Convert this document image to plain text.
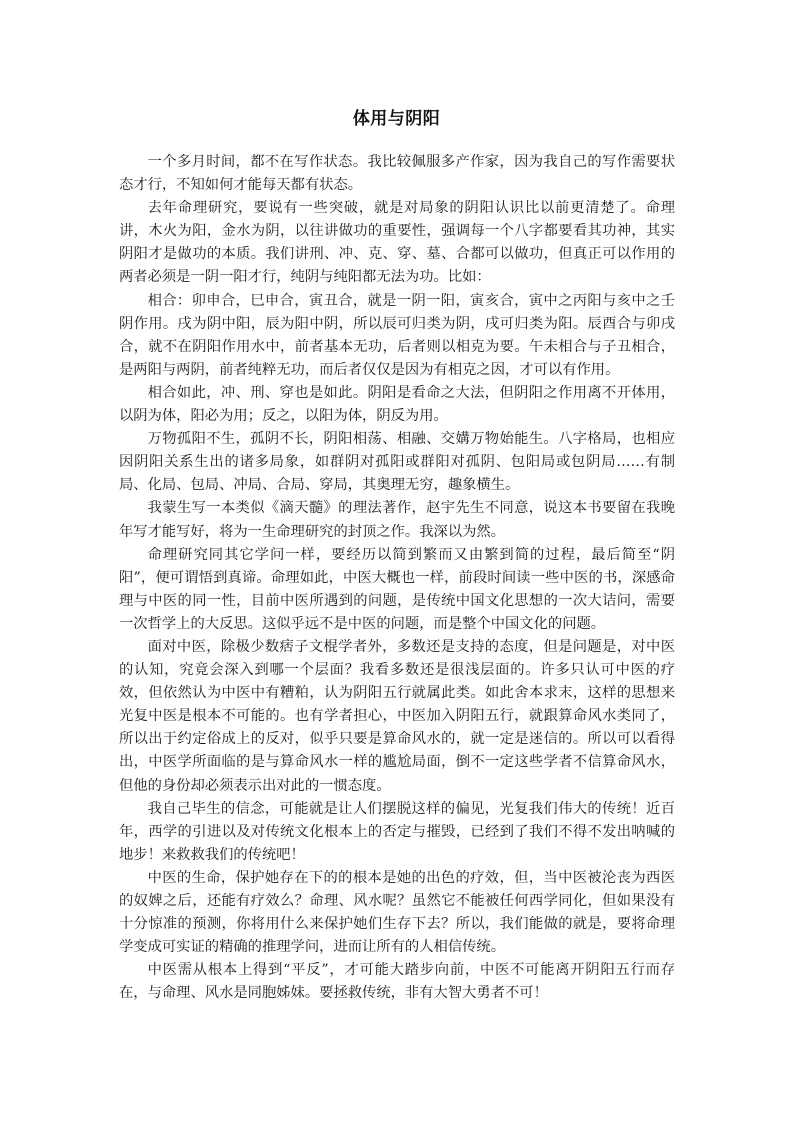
体用与阴阳

一个多月时间，都不在写作状态。我比较佩服多产作家，因为我自己的写作需要状态才行，不知如何才能每天都有状态。

去年命理研究，要说有一些突破，就是对局象的阴阳认识比以前更清楚了。命理讲，木火为阳，金水为阴，以往讲做功的重要性，强调每一个八字都要看其功神，其实阴阳才是做功的本质。我们讲刑、冲、克、穿、墓、合都可以做功，但真正可以作用的两者必须是一阴一阳才行，纯阴与纯阳都无法为功。比如：

相合：卯申合，巳申合，寅丑合，就是一阴一阳，寅亥合，寅中之丙阳与亥中之壬阴作用。戌为阴中阳，辰为阳中阴，所以辰可归类为阴，戌可归类为阳。辰酉合与卯戌合，就不在阴阳作用水中，前者基本无功，后者则以相克为要。午未相合与子丑相合，是两阳与两阴，前者纯粹无功，而后者仅仅是因为有相克之因，才可以有作用。

相合如此，冲、刑、穿也是如此。阴阳是看命之大法，但阴阳之作用离不开体用，以阴为体，阳必为用；反之，以阳为体，阴反为用。

万物孤阳不生，孤阴不长，阴阳相荡、相融、交媾万物始能生。八字格局，也相应因阴阳关系生出的诸多局象，如群阴对孤阳或群阳对孤阴、包阳局或包阴局……有制局、化局、包局、冲局、合局、穿局，其奥理无穷，趣象横生。

我蒙生写一本类似《滴天髓》的理法著作，赵宇先生不同意，说这本书要留在我晚年写才能写好，将为一生命理研究的封顶之作。我深以为然。

命理研究同其它学问一样，要经历以简到繁而又由繁到简的过程，最后简至“阴阳”，便可谓悟到真谛。命理如此，中医大概也一样，前段时间读一些中医的书，深感命理与中医的同一性，目前中医所遇到的问题，是传统中国文化思想的一次大诘问，需要一次哲学上的大反思。这似乎远不是中医的问题，而是整个中国文化的问题。

面对中医，除极少数痞子文棍学者外，多数还是支持的态度，但是问题是，对中医的认知，究竟会深入到哪一个层面？我看多数还是很浅层面的。许多只认可中医的疗效，但依然认为中医中有糟粕，认为阴阳五行就属此类。如此舍本求末，这样的思想来光复中医是根本不可能的。也有学者担心，中医加入阴阳五行，就跟算命风水类同了，所以出于约定俗成上的反对，似乎只要是算命风水的，就一定是迷信的。所以可以看得出，中医学所面临的是与算命风水一样的尴尬局面，倒不一定这些学者不信算命风水，但他的身份却必须表示出对此的一惯态度。

我自己毕生的信念，可能就是让人们摆脱这样的偏见，光复我们伟大的传统！近百年，西学的引进以及对传统文化根本上的否定与摧毁，已经到了我们不得不发出呐喊的地步！来救救我们的传统吧！

中医的生命，保护她存在下的的根本是她的出色的疗效，但，当中医被沦丧为西医的奴婢之后，还能有疗效么？命理、风水呢？虽然它不能被任何西学同化，但如果没有十分惊准的预测，你将用什么来保护她们生存下去？所以，我们能做的就是，要将命理学变成可实证的精确的推理学问，进而让所有的人相信传统。

中医需从根本上得到“平反”，才可能大踏步向前，中医不可能离开阴阳五行而存在，与命理、风水是同胞姊妹。要拯救传统，非有大智大勇者不可！
